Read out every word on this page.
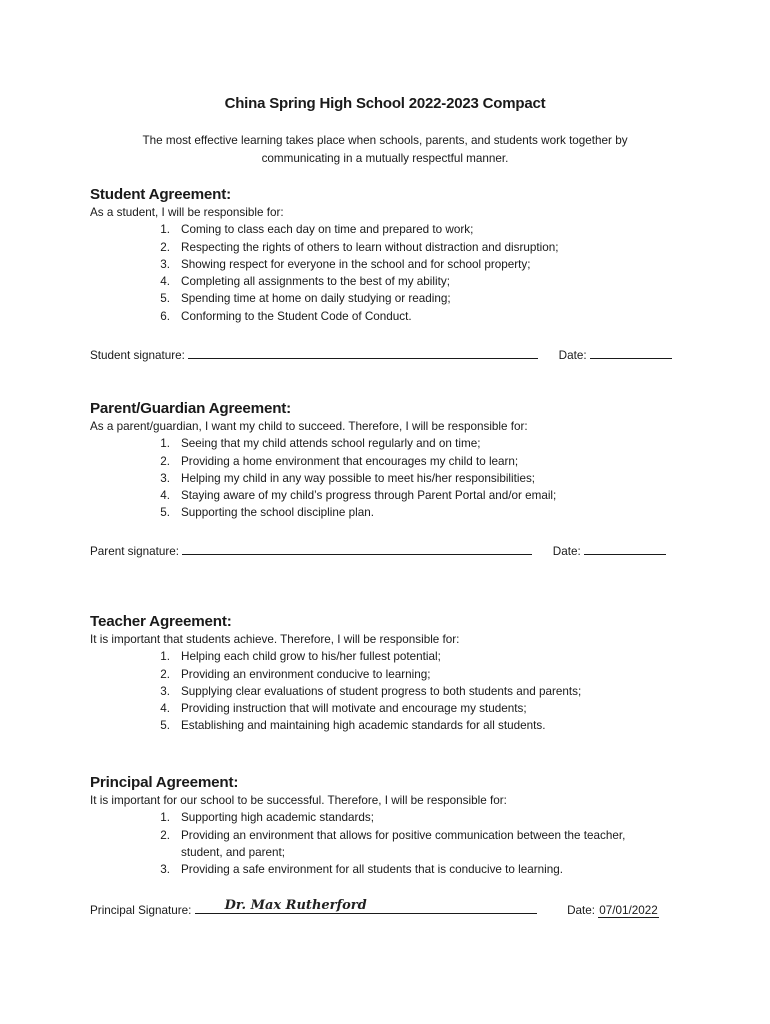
China Spring High School 2022-2023 Compact
The most effective learning takes place when schools, parents, and students work together by
communicating in a mutually respectful manner.
Student Agreement:

As a student, I will be responsible for:

1. Coming to class each day on time and prepared to work;
2. Respecting the rights of others to learn without distraction and disruption;
3. Showing respect for everyone in the school and for school property;
4. Completing all assignments to the best of my ability;
5. Spending time at home on daily studying or reading;
6. Conforming to the Student Code of Conduct.
Student signature:	Date:
Parent/Guardian Agreement:

As a parent/guardian, I want my child to succeed. Therefore, I will be responsible for:

1. Seeing that my child attends school regularly and on time;
2. Providing a home environment that encourages my child to learn;
3. Helping my child in any way possible to meet his/her responsibilities;
4. Staying aware of my child’s progress through Parent Portal and/or email;
5. Supporting the school discipline plan.
Parent signature:	Date:
Teacher Agreement:

It is important that students achieve. Therefore, I will be responsible for:

1. Helping each child grow to his/her fullest potential;
2. Providing an environment conducive to learning;
3. Supplying clear evaluations of student progress to both students and parents;
4. Providing instruction that will motivate and encourage my students;
5. Establishing and maintaining high academic standards for all students.
Principal Agreement:

It is important for our school to be successful. Therefore, I will be responsible for:

1. Supporting high academic standards;
2. Providing an environment that allows for positive communication between the teacher,
student, and parent;
3. Providing a safe environment for all students that is conducive to learning.
Principal Signature:	Dr. Max Rutherford	Date: 07/01/2022
